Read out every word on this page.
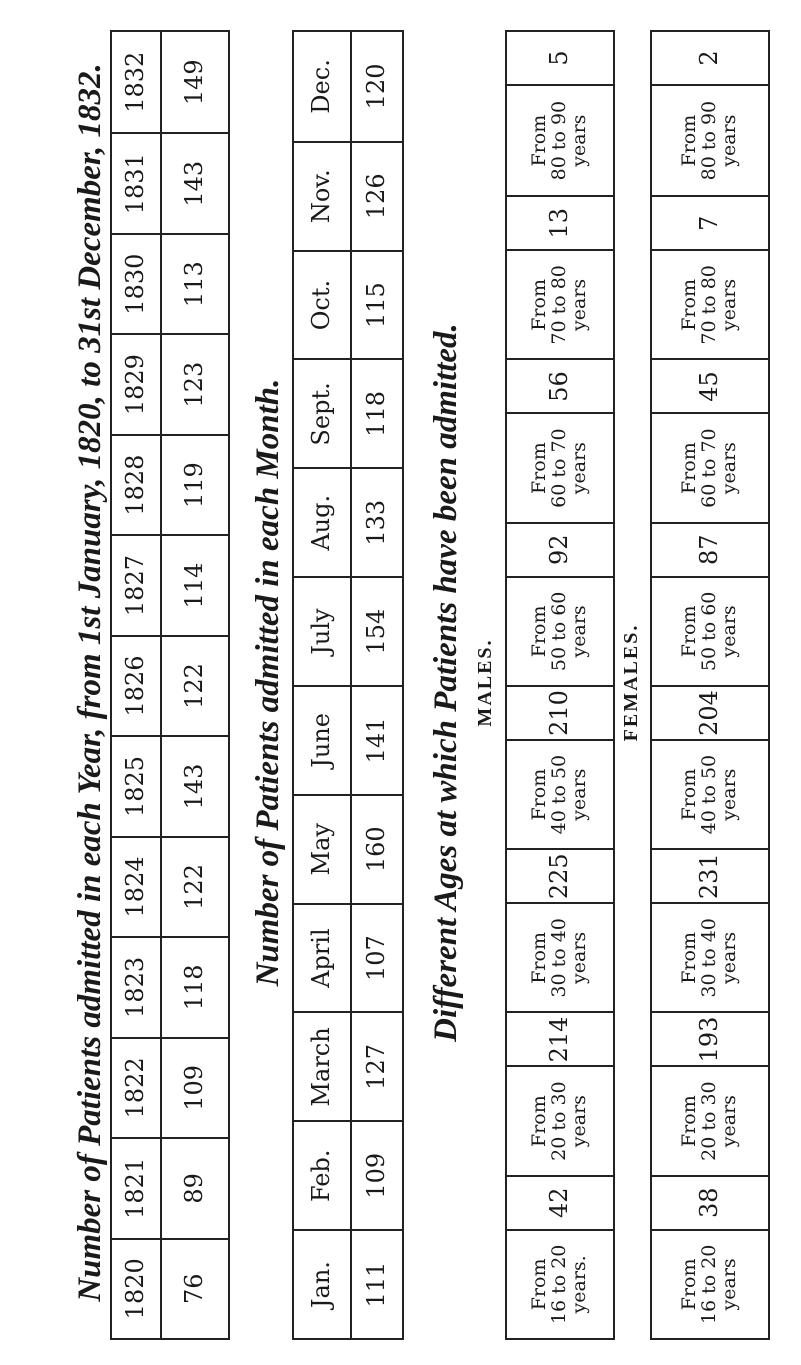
Number of Patients admitted in each Year, from 1st January, 1820, to 31st December, 1832. 1820
1821
1822
1823
1824
1825
1826
1827
1828
1829
1830
1831
1832
76
89
109
118
122
143
122
114
119
123
113
143
149
Number of Patients admitted in each Month.
Jan.
Feb.
March
April
May
June
July
Aug.
Sept.
Oct.
Nov.
Dec.
111
109
127
107
160
141
154
133
118
115
126
120
Different Ages at which Patients have been admitted. MALES.
From
16 to 20
years.
42
From
20 to 30
years
214
From
30 to 40
years
225
From
40 to 50
years
210
From
50 to 60
years
92
From
60 to 70
years
56
From
70 to 80
years
13
From
80 to 90
years
5
FEMALES.
From
16 to 20
years
38
From
20 to 30
years
193
From
30 to 40
years
231
From
40 to 50
years
204
From
50 to 60
years
87
From
60 to 70
years
45
From
70 to 80
years
7
From
80 to 90
years
2
